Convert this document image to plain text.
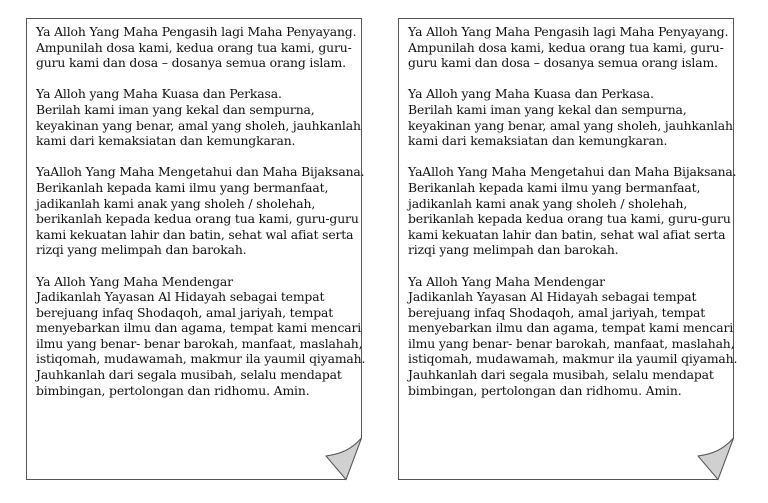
Ya Alloh Yang Maha Pengasih lagi Maha Penyayang.
Ampunilah dosa kami, kedua orang tua kami, guru-
guru kami dan dosa – dosanya semua orang islam.

Ya Alloh yang Maha Kuasa dan Perkasa.
Berilah kami iman yang kekal dan sempurna,
keyakinan yang benar, amal yang sholeh, jauhkanlah
kami dari kemaksiatan dan kemungkaran.

YaAlloh Yang Maha Mengetahui dan Maha Bijaksana.
Berikanlah kepada kami ilmu yang bermanfaat,
jadikanlah kami anak yang sholeh / sholehah,
berikanlah kepada kedua orang tua kami, guru-guru
kami kekuatan lahir dan batin, sehat wal afiat serta
rizqi yang melimpah dan barokah.

Ya Alloh Yang Maha Mendengar
Jadikanlah Yayasan Al Hidayah sebagai tempat
berejuang infaq Shodaqoh, amal jariyah, tempat
menyebarkan ilmu dan agama, tempat kami mencari
ilmu yang benar- benar barokah, manfaat, maslahah,
istiqomah, mudawamah, makmur ila yaumil qiyamah.
Jauhkanlah dari segala musibah, selalu mendapat
bimbingan, pertolongan dan ridhomu. Amin.

Ya Alloh Yang Maha Pengasih lagi Maha Penyayang.
Ampunilah dosa kami, kedua orang tua kami, guru-
guru kami dan dosa – dosanya semua orang islam.

Ya Alloh yang Maha Kuasa dan Perkasa.
Berilah kami iman yang kekal dan sempurna,
keyakinan yang benar, amal yang sholeh, jauhkanlah
kami dari kemaksiatan dan kemungkaran.

YaAlloh Yang Maha Mengetahui dan Maha Bijaksana.
Berikanlah kepada kami ilmu yang bermanfaat,
jadikanlah kami anak yang sholeh / sholehah,
berikanlah kepada kedua orang tua kami, guru-guru
kami kekuatan lahir dan batin, sehat wal afiat serta
rizqi yang melimpah dan barokah.

Ya Alloh Yang Maha Mendengar
Jadikanlah Yayasan Al Hidayah sebagai tempat
berejuang infaq Shodaqoh, amal jariyah, tempat
menyebarkan ilmu dan agama, tempat kami mencari
ilmu yang benar- benar barokah, manfaat, maslahah,
istiqomah, mudawamah, makmur ila yaumil qiyamah.
Jauhkanlah dari segala musibah, selalu mendapat
bimbingan, pertolongan dan ridhomu. Amin.
